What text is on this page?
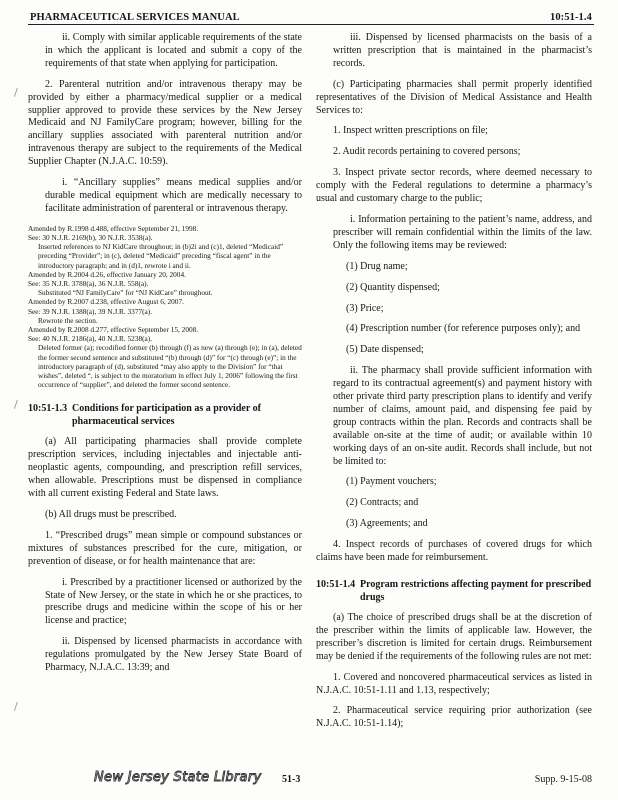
PHARMACEUTICAL SERVICES MANUAL	10:51-1.4
/
/
/

ii. Comply with similar applicable requirements of the state in which the applicant is located and submit a copy of the requirements of that state when applying for participation.

2. Parenteral nutrition and/or intravenous therapy may be provided by either a pharmacy/medical supplier or a medical supplier approved to provide these services by the New Jersey Medicaid and NJ FamilyCare program; however, billing for the ancillary supplies associated with parenteral nutrition and/or intravenous therapy are subject to the requirements of the Medical Supplier Chapter (N.J.A.C. 10:59).

i. “Ancillary supplies” means medical supplies and/or durable medical equipment which are medically necessary to facilitate administration of parenteral or intravenous therapy.

Amended by R.1998 d.488, effective September 21, 1998.

See: 30 N.J.R. 2169(b), 30 N.J.R. 3538(a).

Inserted references to NJ KidCare throughout; in (b)2i and (c)1, deleted “Medicaid” preceding “Provider”; in (c), deleted “Medicaid” preceding “fiscal agent” in the introductory paragraph; and in (d)1, rewrote i and ii.

Amended by R.2004 d.26, effective January 20, 2004.

See: 35 N.J.R. 3788(a), 36 N.J.R. 558(a).

Substituted “NJ FamilyCare” for “NJ KidCare” throughout.

Amended by R.2007 d.238, effective August 6, 2007.

See: 39 N.J.R. 1388(a), 39 N.J.R. 3377(a).

Rewrote the section.

Amended by R.2008 d.277, effective September 15, 2008.

See: 40 N.J.R. 2186(a), 40 N.J.R. 5238(a).

Deleted former (a); recodified former (b) through (f) as new (a) through (e); in (a), deleted the former second sentence and substituted “(b) through (d)” for “(c) through (e)”; in the introductory paragraph of (d), substituted “may also apply to the Division” for “that wishes”, deleted “, is subject to the moratorium in effect July 1, 2006” following the first occurrence of “supplier”, and deleted the former second sentence.

10:51-1.3 Conditions for participation as a provider of pharmaceutical services

(a) All participating pharmacies shall provide complete prescription services, including injectables and injectable anti-neoplastic agents, compounding, and prescription refill services, when allowable. Prescriptions must be dispensed in compliance with all current existing Federal and State laws.

(b) All drugs must be prescribed.

1. “Prescribed drugs” mean simple or compound substances or mixtures of substances prescribed for the cure, mitigation, or prevention of disease, or for health maintenance that are:

i. Prescribed by a practitioner licensed or authorized by the State of New Jersey, or the state in which he or she practices, to prescribe drugs and medicine within the scope of his or her license and practice;

ii. Dispensed by licensed pharmacists in accordance with regulations promulgated by the New Jersey State Board of Pharmacy, N.J.A.C. 13:39; and

iii. Dispensed by licensed pharmacists on the basis of a written prescription that is maintained in the pharmacist’s records.

(c) Participating pharmacies shall permit properly identified representatives of the Division of Medical Assistance and Health Services to:

1. Inspect written prescriptions on file;

2. Audit records pertaining to covered persons;

3. Inspect private sector records, where deemed necessary to comply with the Federal regulations to determine a pharmacy’s usual and customary charge to the public;

i. Information pertaining to the patient’s name, address, and prescriber will remain confidential within the limits of the law. Only the following items may be reviewed:

(1) Drug name;

(2) Quantity dispensed;

(3) Price;

(4) Prescription number (for reference purposes only); and

(5) Date dispensed;

ii. The pharmacy shall provide sufficient information with regard to its contractual agreement(s) and payment history with other private third party prescription plans to identify and verify number of claims, amount paid, and dispensing fee paid by group contracts within the plan. Records and contracts shall be available on-site at the time of audit; or available within 10 working days of an on-site audit. Records shall include, but not be limited to:

(1) Payment vouchers;

(2) Contracts; and

(3) Agreements; and

4. Inspect records of purchases of covered drugs for which claims have been made for reimbursement.

10:51-1.4 Program restrictions affecting payment for prescribed drugs

(a) The choice of prescribed drugs shall be at the discretion of the prescriber within the limits of applicable law. However, the prescriber’s discretion is limited for certain drugs. Reimbursement may be denied if the requirements of the following rules are not met:

1. Covered and noncovered pharmaceutical services as listed in N.J.A.C. 10:51-1.11 and 1.13, respectively;

2. Pharmaceutical service requiring prior authorization (see N.J.A.C. 10:51-1.14);

New Jersey State Library 51-3	Supp. 9-15-08
